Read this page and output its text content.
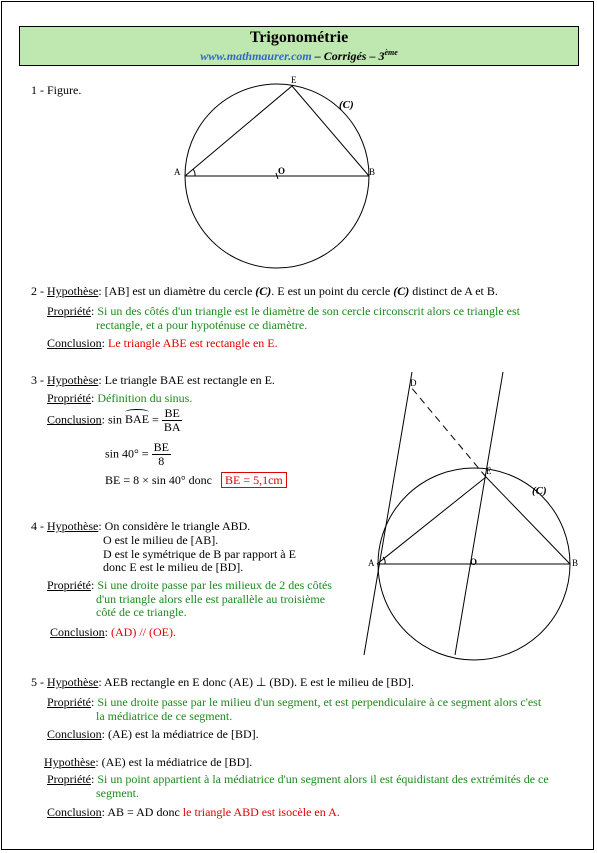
Trigonométrie
www.mathmaurer.com – Corrigés – 3ème
1 - Figure.
A	B
E
O
(C)
2 - Hypothèse: [AB] est un diamètre du cercle (C). E est un point du cercle (C) distinct de A et B.
Propriété: Si un des côtés d'un triangle est le diamètre de son cercle circonscrit alors ce triangle est
rectangle, et a pour hypoténuse ce diamètre.
Conclusion: Le triangle ABE est rectangle en E.
3 - Hypothèse: Le triangle BAE est rectangle en E.
Propriété: Définition du sinus.
Conclusion: sin BAE = $\frac{BE}{BA}$
$\sin 40^\circ = \frac{BE}{8}$
BE = 8 × sin 40° donc BE = 5,1cm
4 - Hypothèse: On considère le triangle ABD.
O est le milieu de [AB].
D est le symétrique de B par rapport à E
donc E est le milieu de [BD].
Propriété: Si une droite passe par les milieux de 2 des côtés
d'un triangle alors elle est parallèle au troisième
côté de ce triangle.
Conclusion: (AD) // (OE).
A	B
E
O
D
(C)
5 - Hypothèse: AEB rectangle en E donc (AE) ⊥ (BD). E est le milieu de [BD].
Propriété: Si une droite passe par le milieu d'un segment, et est perpendiculaire à ce segment alors c'est
la médiatrice de ce segment.
Conclusion: (AE) est la médiatrice de [BD].
Hypothèse: (AE) est la médiatrice de [BD].
Propriété: Si un point appartient à la médiatrice d'un segment alors il est équidistant des extrémités de ce
segment.
Conclusion: AB = AD donc le triangle ABD est isocèle en A.
